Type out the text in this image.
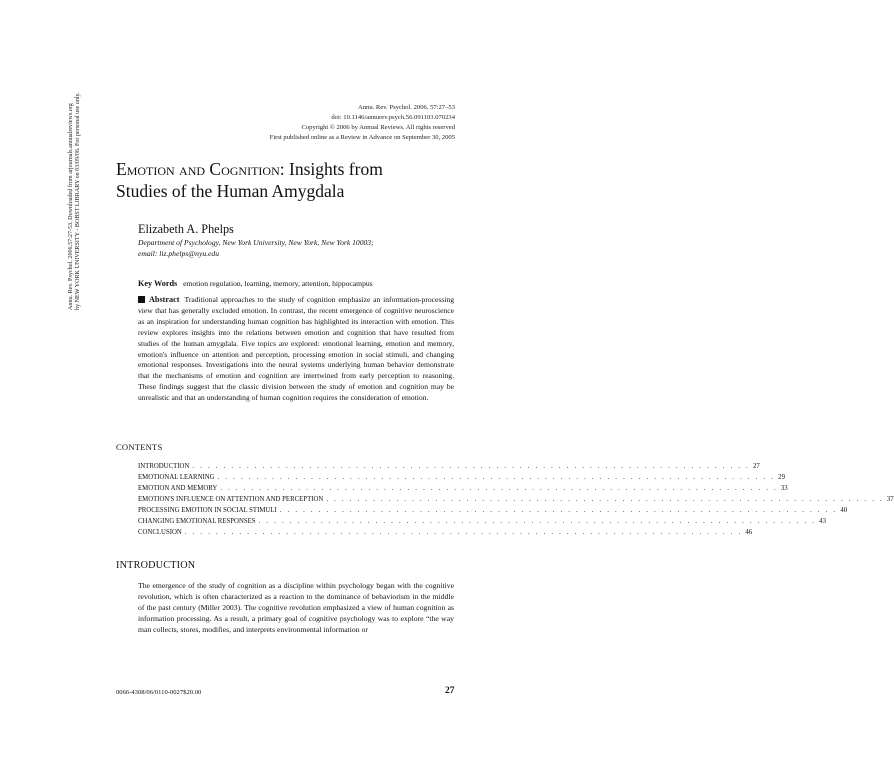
Annu. Rev. Psychol. 2006. 57:27–53
doi: 10.1146/annurev.psych.56.091103.070234
Copyright © 2006 by Annual Reviews. All rights reserved
First published online as a Review in Advance on September 30, 2005
Emotion and Cognition: Insights from
Studies of the Human Amygdala
Elizabeth A. Phelps
Department of Psychology, New York University, New York, New York 10003;
email: liz.phelps@nyu.edu
Annu. Rev. Psychol. 2006.57:27-53. Downloaded from arjournals.annualreviews.org by NEW YORK UNIVERSITY - BOBST LIBRARY on 03/09/06. For personal use only.	Key Words emotion regulation, learning, memory, attention, hippocampus
Abstract Traditional approaches to the study of cognition emphasize an information-processing view that has generally excluded emotion. In contrast, the recent emergence of cognitive neuroscience as an inspiration for understanding human cognition has highlighted its interaction with emotion. This review explores insights into the relations between emotion and cognition that have resulted from studies of the human amygdala. Five topics are explored: emotional learning, emotion and memory, emotion's influence on attention and perception, processing emotion in social stimuli, and changing emotional responses. Investigations into the neural systems underlying human behavior demonstrate that the mechanisms of emotion and cognition are intertwined from early perception to reasoning. These findings suggest that the classic division between the study of emotion and cognition may be unrealistic and that an understanding of human cognition requires the consideration of emotion.
CONTENTS
INTRODUCTION . . . . . . . . . . . . . . . . . . . . . . . . . . . . . . . . . . . . . . . . . . . . . . . . . . . . . . . . . . . . . . . . . . . . . . . . 27
EMOTIONAL LEARNING . . . . . . . . . . . . . . . . . . . . . . . . . . . . . . . . . . . . . . . . . . . . . . . . . . . . . . . . . . . . . . . . . . . . . . . . 29
EMOTION AND MEMORY . . . . . . . . . . . . . . . . . . . . . . . . . . . . . . . . . . . . . . . . . . . . . . . . . . . . . . . . . . . . . . . . . . . . . . . . 33
EMOTION'S INFLUENCE ON ATTENTION AND PERCEPTION . . . . . . . . . . . . . . . . . . . . . . . . . . . . . . . . . . . . . . . . . . . . . . . . . . . . . . . . . . . . . . . . . . . . . . . . 37
PROCESSING EMOTION IN SOCIAL STIMULI . . . . . . . . . . . . . . . . . . . . . . . . . . . . . . . . . . . . . . . . . . . . . . . . . . . . . . . . . . . . . . . . . . . . . . . . 40
CHANGING EMOTIONAL RESPONSES . . . . . . . . . . . . . . . . . . . . . . . . . . . . . . . . . . . . . . . . . . . . . . . . . . . . . . . . . . . . . . . . . . . . . . . . 43
CONCLUSION . . . . . . . . . . . . . . . . . . . . . . . . . . . . . . . . . . . . . . . . . . . . . . . . . . . . . . . . . . . . . . . . . . . . . . . . 46
INTRODUCTION

The emergence of the study of cognition as a discipline within psychology began with the cognitive revolution, which is often characterized as a reaction to the dominance of behaviorism in the middle of the past century (Miller 2003). The cognitive revolution emphasized a view of human cognition as information processing. As a result, a primary goal of cognitive psychology was to explore “the way man collects, stores, modifies, and interprets environmental information or

0066-4308/06/0110-0027$20.00	27
